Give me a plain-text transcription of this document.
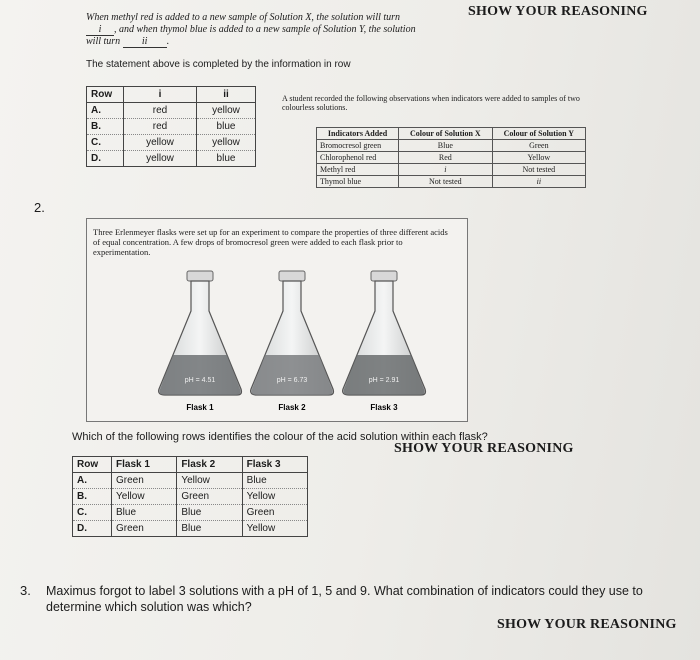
When methyl red is added to a new sample of Solution X, the solution will turn
i , and when thymol blue is added to a new sample of Solution Y, the solution
will turn ii .
SHOW YOUR REASONING
The statement above is completed by the information in row
Row	i	ii
A.	red	yellow
B.	red	blue
C.	yellow	yellow
D.	yellow	blue
A student recorded the following observations when indicators were added to samples of two colourless solutions.
Indicators Added	Colour of Solution X	Colour of Solution Y
Bromocresol green	Blue	Green
Chlorophenol red	Red	Yellow
Methyl red	i	Not tested
Thymol blue	Not tested	ii
2.
Three Erlenmeyer flasks were set up for an experiment to compare the properties of three different acids of equal concentration. A few drops of bromocresol green were added to each flask prior to experimentation.
pH = 4.51	pH = 6.73	pH = 2.91
Flask 1	Flask 2	Flask 3
Which of the following rows identifies the colour of the acid solution within each flask?
SHOW YOUR REASONING
Row	Flask 1	Flask 2	Flask 3
A.	Green	Yellow	Blue
B.	Yellow	Green	Yellow
C.	Blue	Blue	Green
D.	Green	Blue	Yellow
3. Maximus forgot to label 3 solutions with a pH of 1, 5 and 9. What combination of indicators could they use to determine which solution was which?
SHOW YOUR REASONING
